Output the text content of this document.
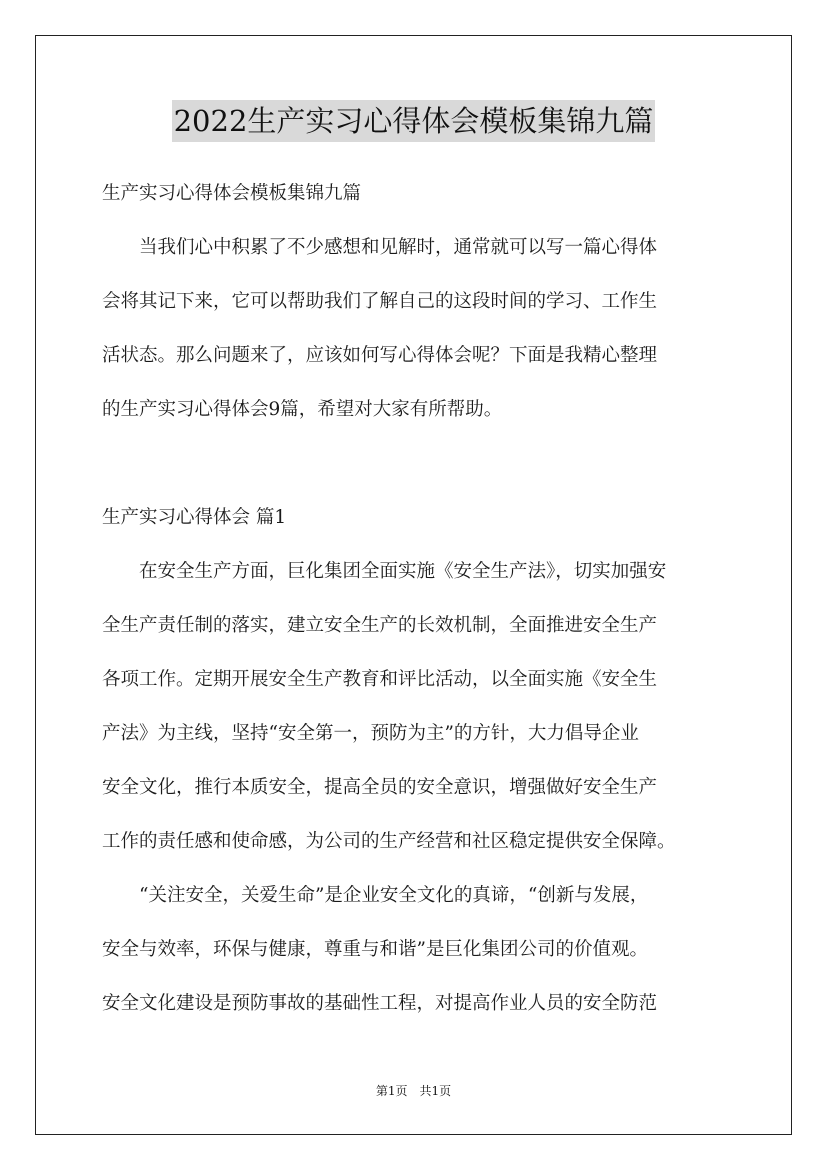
2022生产实习心得体会模板集锦九篇
生产实习心得体会模板集锦九篇
　　当我们心中积累了不少感想和见解时，通常就可以写一篇心得体
会将其记下来，它可以帮助我们了解自己的这段时间的学习、工作生
活状态。那么问题来了，应该如何写心得体会呢？下面是我精心整理
的生产实习心得体会9篇，希望对大家有所帮助。
生产实习心得体会 篇1
　　在安全生产方面，巨化集团全面实施《安全生产法》，切实加强安
全生产责任制的落实，建立安全生产的长效机制，全面推进安全生产
各项工作。定期开展安全生产教育和评比活动，以全面实施《安全生
产法》为主线，坚持“安全第一，预防为主”的方针，大力倡导企业
安全文化，推行本质安全，提高全员的安全意识，增强做好安全生产
工作的责任感和使命感，为公司的生产经营和社区稳定提供安全保障。
　　“关注安全，关爱生命”是企业安全文化的真谛，“创新与发展，
安全与效率，环保与健康，尊重与和谐”是巨化集团公司的价值观。
安全文化建设是预防事故的基础性工程，对提高作业人员的安全防范
第1页　共1页
